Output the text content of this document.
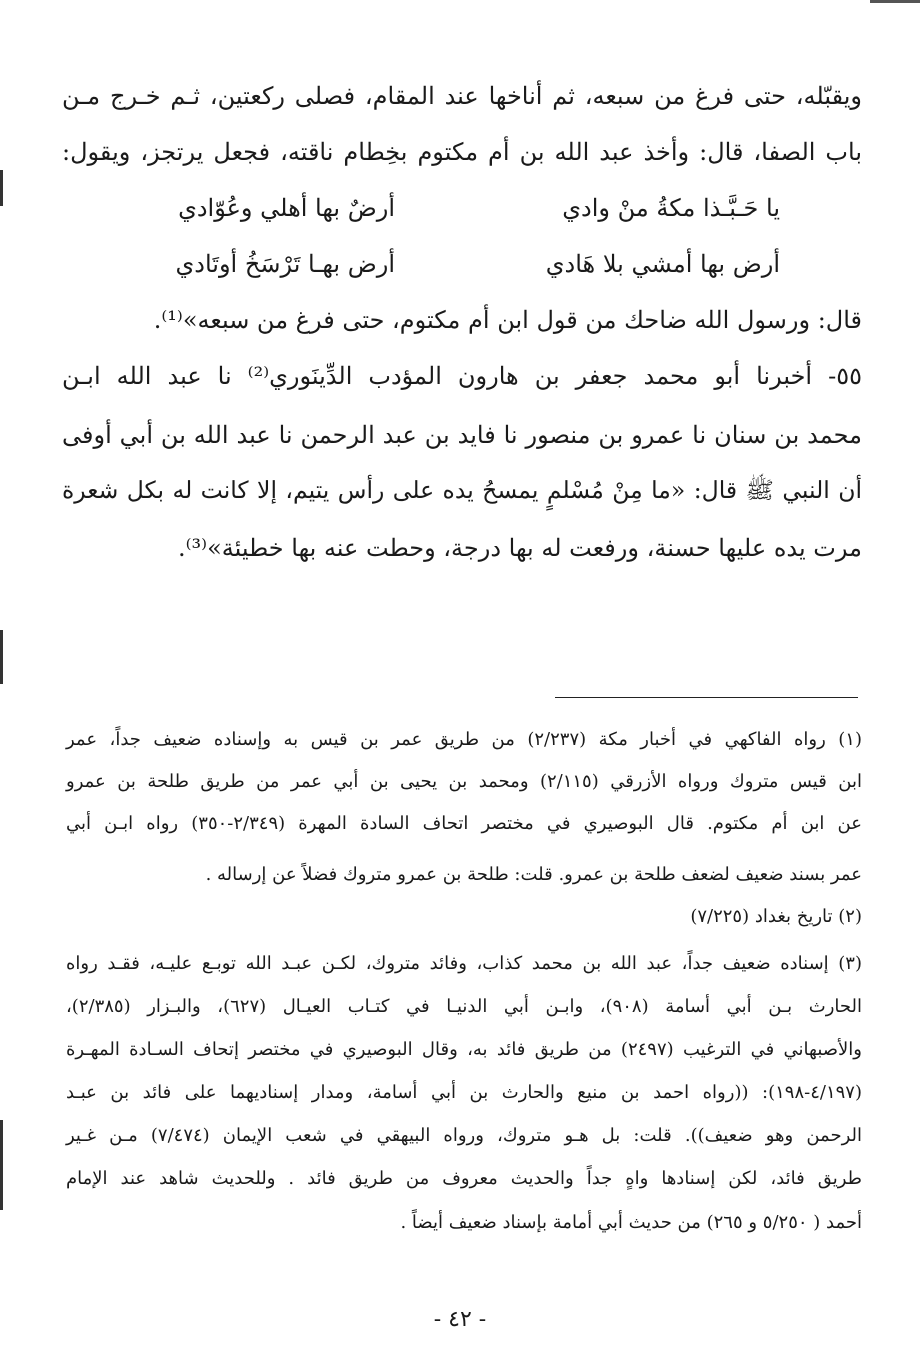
ويقبّله، حتى فرغ من سبعه، ثم أناخها عند المقام، فصلى ركعتين، ثـم خـرج مـن
باب الصفا، قال: وأخذ عبد الله بن أم مكتوم بخِطام ناقته، فجعل يرتجز، ويقول:
يا حَـبَّـذا مكةُ منْ وادي
أرضٌ بها أهلي وعُوّادي
أرض بها أمشي بلا هَادي
أرض بهـا تَرْسَخُ أوتَادي
قال: ورسول الله ضاحك من قول ابن أم مكتوم، حتى فرغ من سبعه»⁽¹⁾.
٥٥- أخبرنا أبو محمد جعفر بن هارون المؤدب الدِّينَوري⁽²⁾ نا عبد الله ابـن
محمد بن سنان نا عمرو بن منصور نا فايد بن عبد الرحمن نا عبد الله بن أبي أوفى
أن النبي ﷺ قال: «ما مِنْ مُسْلمٍ يمسحُ يده على رأس يتيم، إلا كانت له بكل شعرة
مرت يده عليها حسنة، ورفعت له بها درجة، وحطت عنه بها خطيئة»⁽³⁾.
(١) رواه الفاكهي في أخبار مكة (٢/٢٣٧) من طريق عمر بن قيس به وإسناده ضعيف جداً، عمر
ابن قيس متروك ورواه الأزرقي (٢/١١٥) ومحمد بن يحيى بن أبي عمر من طريق طلحة بن عمرو
عن ابن أم مكتوم. قال البوصيري في مختصر اتحاف السادة المهرة (٢/٣٤٩-٣٥٠) رواه ابـن أبي
عمر بسند ضعيف لضعف طلحة بن عمرو. قلت: طلحة بن عمرو متروك فضلاً عن إرساله .
(٢) تاريخ بغداد (٧/٢٢٥)
(٣) إسناده ضعيف جداً، عبد الله بن محمد كذاب، وفائد متروك، لكـن عبـد الله توبـع عليـه، فقـد رواه
الحارث بـن أبي أسامة (٩٠٨)، وابـن أبي الدنيـا في كتـاب العيـال (٦٢٧)، والبـزار (٢/٣٨٥)،
والأصبهاني في الترغيب (٢٤٩٧) من طريق فائد به، وقال البوصيري في مختصر إتحاف السـادة المهـرة
(٤/١٩٧-١٩٨): ((رواه احمد بن منيع والحارث بن أبي أسامة، ومدار إسناديهما على فائد بن عبـد
الرحمن وهو ضعيف)). قلت: بل هـو متروك، ورواه البيهقي في شعب الإيمان (٧/٤٧٤) مـن غـير
طريق فائد، لكن إسنادها واهٍ جداً والحديث معروف من طريق فائد . وللحديث شاهد عند الإمام
أحمد ( ٥/٢٥٠ و ٢٦٥) من حديث أبي أمامة بإسناد ضعيف أيضاً .
- ٤٢ -
